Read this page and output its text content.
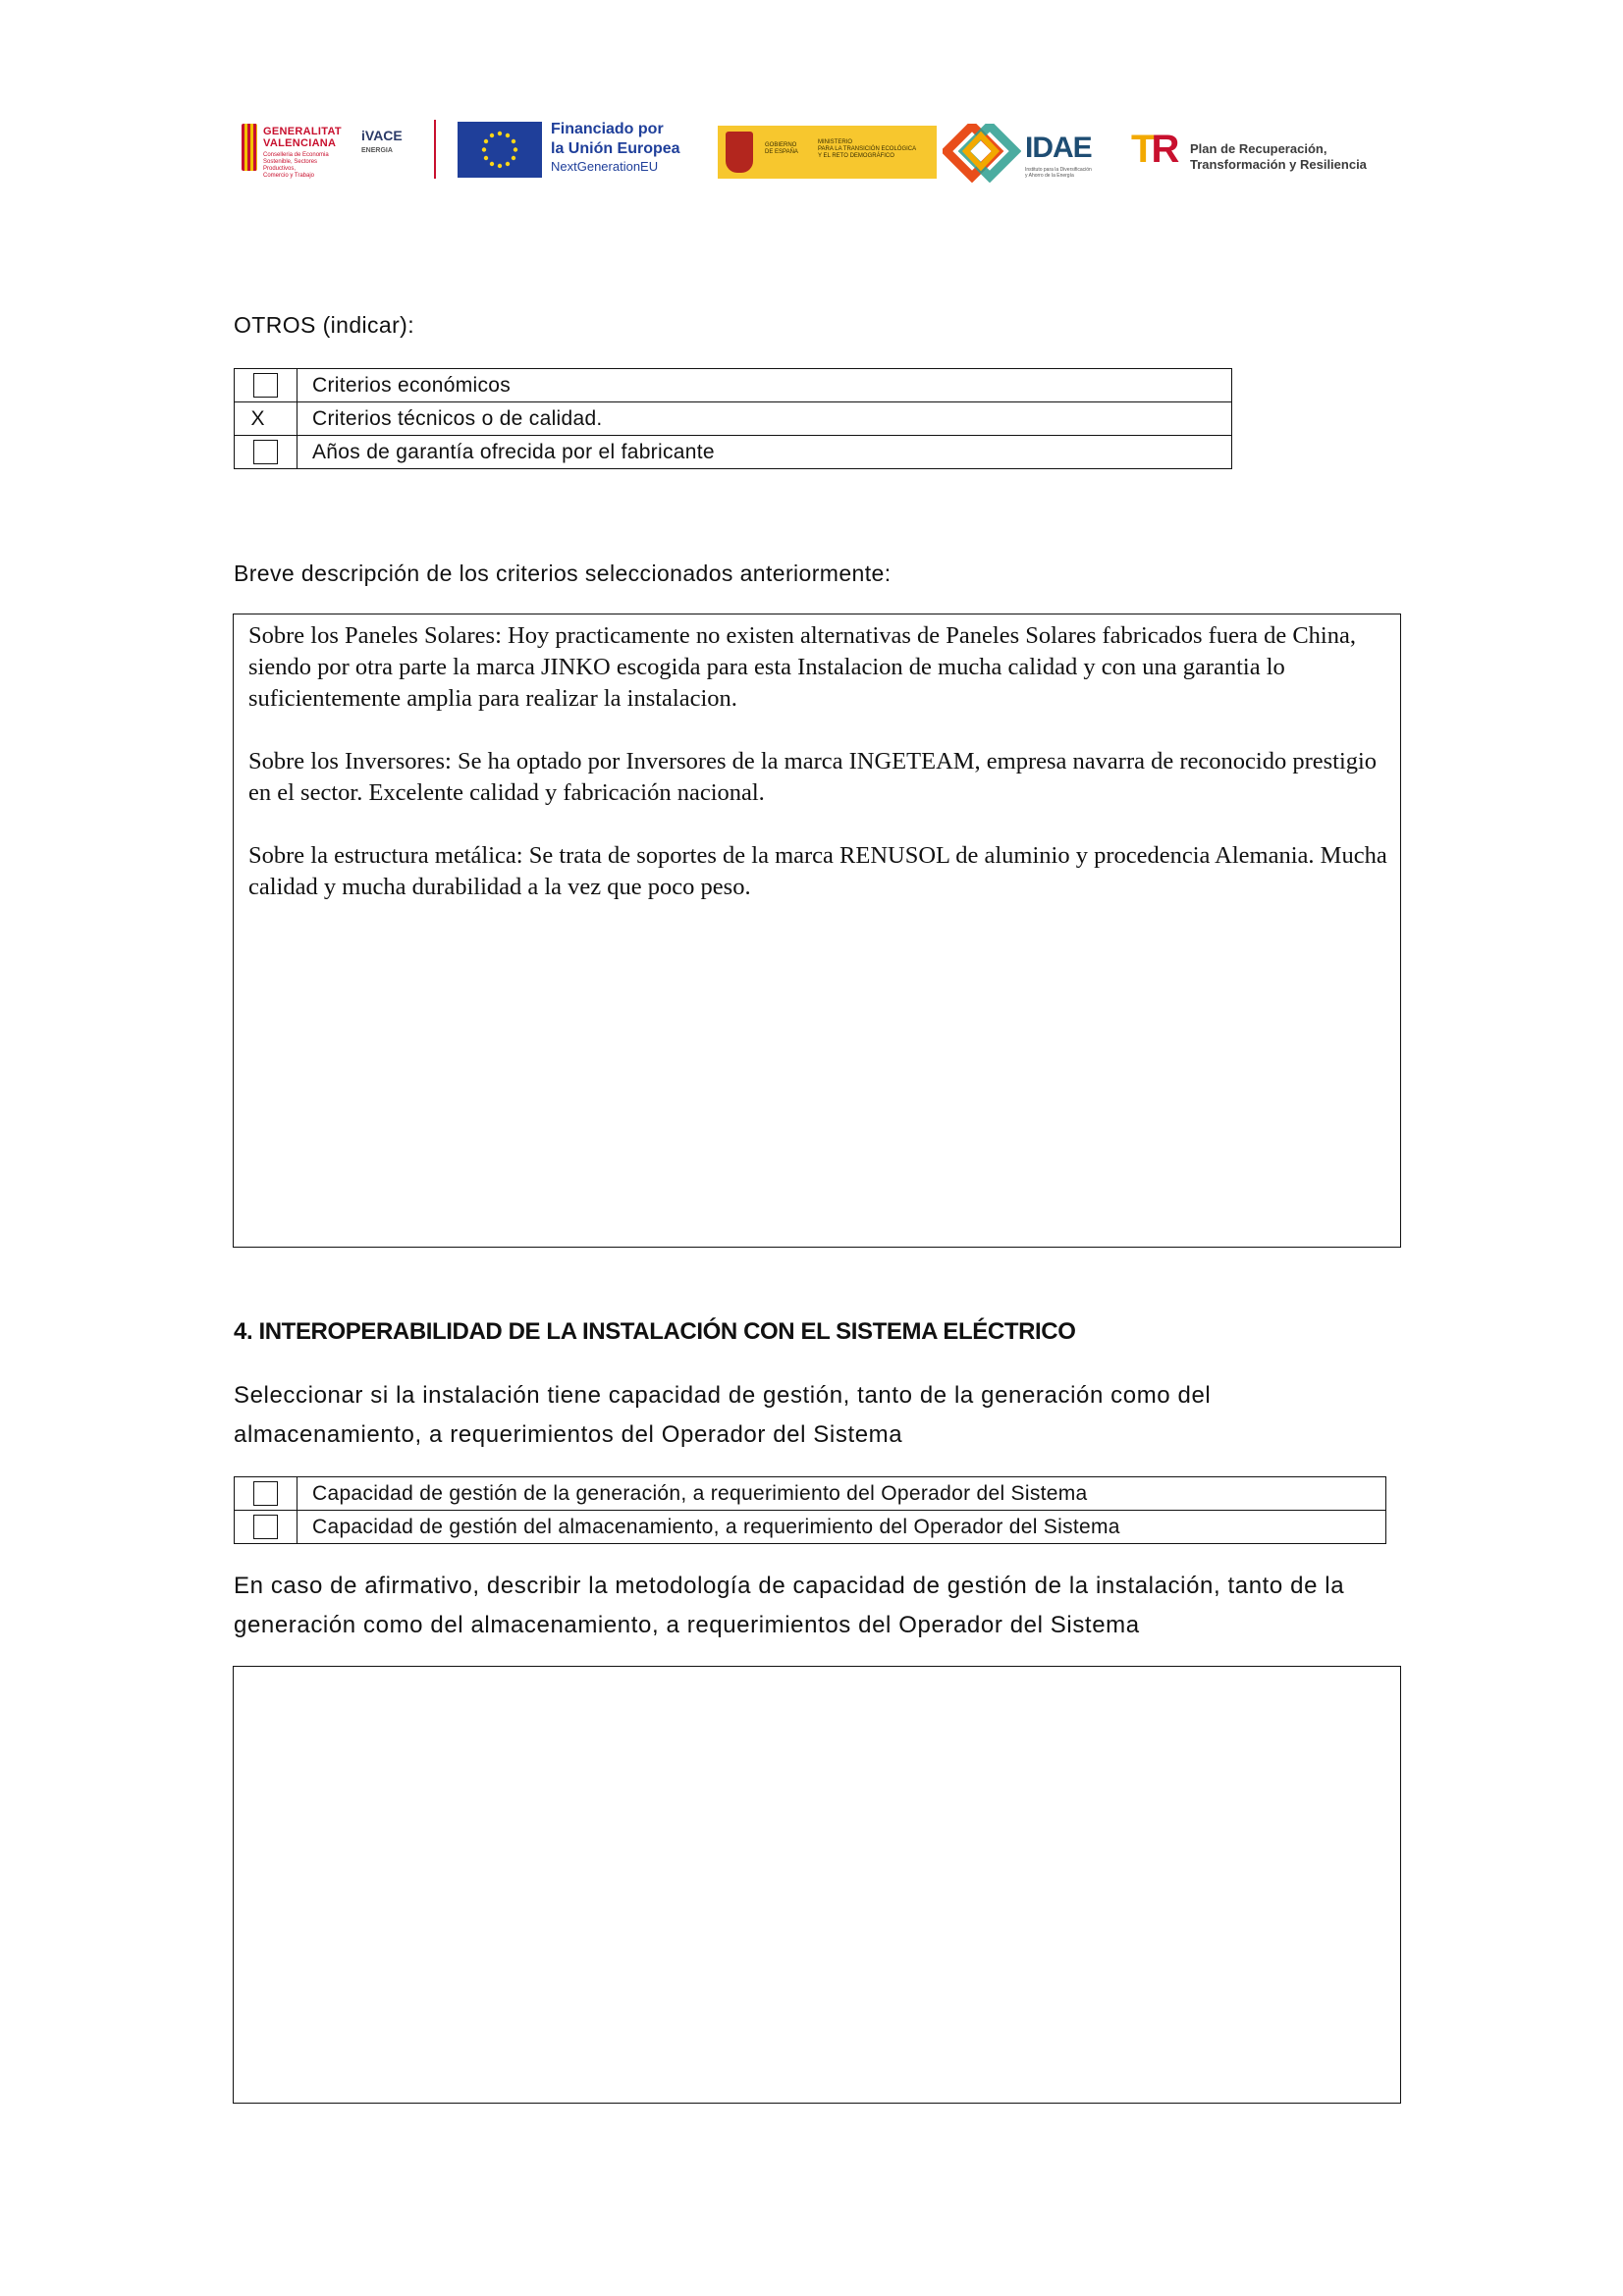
GENERALITAT
VALENCIANA
Conselleria de Economia
Sostenible, Sectores Productivos,
Comercio y Trabajo
iVACE
ENERGIA
Financiado por
la Unión Europea
NextGenerationEU
GOBIERNO
DE ESPAÑA
MINISTERIO
PARA LA TRANSICIÓN ECOLÓGICA
Y EL RETO DEMOGRÁFICO	IDAE
Instituto para la Diversificación
y Ahorro de la Energía
TR Plan de Recuperación,
Transformación y Resiliencia
OTROS (indicar):
	Criterios económicos
X	Criterios técnicos o de calidad.
	Años de garantía ofrecida por el fabricante
Breve descripción de los criterios seleccionados anteriormente:

Sobre los Paneles Solares: Hoy practicamente no existen alternativas de Paneles Solares fabricados fuera de China, siendo por otra parte la marca JINKO escogida para esta Instalacion de mucha calidad y con una garantia lo suficientemente amplia para realizar la instalacion.

Sobre los Inversores: Se ha optado por Inversores de la marca INGETEAM, empresa navarra de reconocido prestigio en el sector. Excelente calidad y fabricación nacional.

Sobre la estructura metálica: Se trata de soportes de la marca RENUSOL de aluminio y procedencia Alemania. Mucha calidad y mucha durabilidad a la vez que poco peso.

4. INTEROPERABILIDAD DE LA INSTALACIÓN CON EL SISTEMA ELÉCTRICO
Seleccionar si la instalación tiene capacidad de gestión, tanto de la generación como del almacenamiento, a requerimientos del Operador del Sistema
	Capacidad de gestión de la generación, a requerimiento del Operador del Sistema
	Capacidad de gestión del almacenamiento, a requerimiento del Operador del Sistema
En caso de afirmativo, describir la metodología de capacidad de gestión de la instalación, tanto de la generación como del almacenamiento, a requerimientos del Operador del Sistema
